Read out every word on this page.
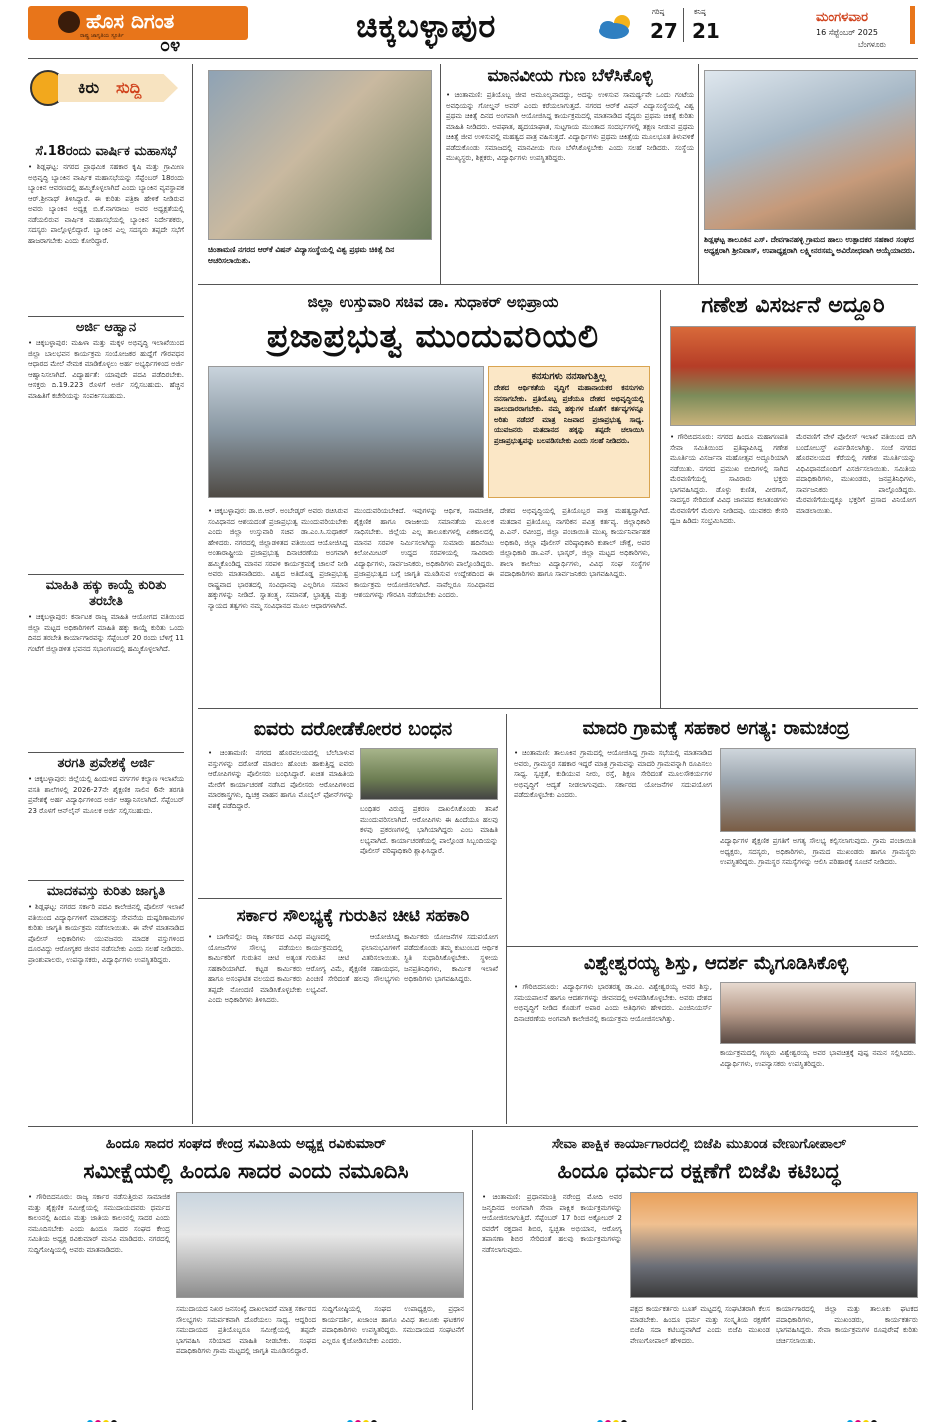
ಹೊಸ ದಿಗಂತ
ರಾಷ್ಟ್ರ ಜಾಗೃತಿಯ ಸ್ಫೂರ್ತಿ ೦೪
ಚಿಕ್ಕಬಳ್ಳಾಪುರ	ಗರಿಷ್ಠ
27
ಕನಿಷ್ಠ
21
ಮಂಗಳವಾರ
16 ಸೆಪ್ಟೆಂಬರ್ 2025
ಬೆಂಗಳೂರು
ಕಿರು ಸುದ್ದಿ
ಸೆ.18ರಂದು ವಾರ್ಷಿಕ ಮಹಾಸಭೆ
• ಶಿಡ್ಲಘಟ್ಟ: ನಗರದ ಪ್ರಾಥಮಿಕ ಸಹಕಾರ ಕೃಷಿ ಮತ್ತು ಗ್ರಾಮೀಣ ಅಭಿವೃದ್ಧಿ ಬ್ಯಾಂಕಿನ ವಾರ್ಷಿಕ ಮಹಾಸಭೆಯನ್ನು ಸೆಪ್ಟೆಂಬರ್ 18ರಂದು ಬ್ಯಾಂಕಿನ ಆವರಣದಲ್ಲಿ ಹಮ್ಮಿಕೊಳ್ಳಲಾಗಿದೆ ಎಂದು ಬ್ಯಾಂಕಿನ ವ್ಯವಸ್ಥಾಪಕ ಆರ್.ಶ್ರೀನಾಥ್ ತಿಳಿಸಿದ್ದಾರೆ. ಈ ಕುರಿತು ಪತ್ರಿಕಾ ಹೇಳಿಕೆ ನೀಡಿರುವ ಅವರು ಬ್ಯಾಂಕಿನ ಅಧ್ಯಕ್ಷ ಬಿ.ಕೆ.ನಾಗರಾಜು ಅವರ ಅಧ್ಯಕ್ಷತೆಯಲ್ಲಿ ನಡೆಯಲಿರುವ ವಾರ್ಷಿಕ ಮಹಾಸಭೆಯಲ್ಲಿ ಬ್ಯಾಂಕಿನ ನಿರ್ದೇಶಕರು, ಸದಸ್ಯರು ಪಾಲ್ಗೊಳ್ಳಲಿದ್ದಾರೆ. ಬ್ಯಾಂಕಿನ ಎಲ್ಲ ಸದಸ್ಯರು ತಪ್ಪದೇ ಸಭೆಗೆ ಹಾಜರಾಗಬೇಕು ಎಂದು ಕೋರಿದ್ದಾರೆ.
ಅರ್ಜಿ ಆಹ್ವಾನ
• ಚಿಕ್ಕಬಳ್ಳಾಪುರ: ಮಹಿಳಾ ಮತ್ತು ಮಕ್ಕಳ ಅಭಿವೃದ್ಧಿ ಇಲಾಖೆಯಿಂದ ಜಿಲ್ಲಾ ಬಾಲಭವನ ಕಾರ್ಯಕ್ರಮ ಸಂಯೋಜಕರ ಹುದ್ದೆಗೆ ಗೌರವಧನ ಆಧಾರದ ಮೇಲೆ ನೇಮಕ ಮಾಡಿಕೊಳ್ಳಲು ಅರ್ಹ ಅಭ್ಯರ್ಥಿಗಳಿಂದ ಅರ್ಜಿ ಆಹ್ವಾನಿಸಲಾಗಿದೆ. ವಿದ್ಯಾರ್ಹತೆ: ಯಾವುದೇ ಪದವಿ ಪಡೆದಿರಬೇಕು. ಆಸಕ್ತರು ದಿ.19.223 ರೊಳಗೆ ಅರ್ಜಿ ಸಲ್ಲಿಸಬಹುದು. ಹೆಚ್ಚಿನ ಮಾಹಿತಿಗೆ ಕಚೇರಿಯನ್ನು ಸಂಪರ್ಕಿಸಬಹುದು.
ಮಾಹಿತಿ ಹಕ್ಕು ಕಾಯ್ದೆ ಕುರಿತು ತರಬೇತಿ
• ಚಿಕ್ಕಬಳ್ಳಾಪುರ: ಕರ್ನಾಟಕ ರಾಜ್ಯ ಮಾಹಿತಿ ಆಯೋಗದ ವತಿಯಿಂದ ಜಿಲ್ಲಾ ಮಟ್ಟದ ಅಧಿಕಾರಿಗಳಿಗೆ ಮಾಹಿತಿ ಹಕ್ಕು ಕಾಯ್ದೆ ಕುರಿತು ಒಂದು ದಿನದ ತರಬೇತಿ ಕಾರ್ಯಾಗಾರವನ್ನು ಸೆಪ್ಟೆಂಬರ್ 20 ರಂದು ಬೆಳಿಗ್ಗೆ 11 ಗಂಟೆಗೆ ಜಿಲ್ಲಾಡಳಿತ ಭವನದ ಸಭಾಂಗಣದಲ್ಲಿ ಹಮ್ಮಿಕೊಳ್ಳಲಾಗಿದೆ.
ತರಗತಿ ಪ್ರವೇಶಕ್ಕೆ ಅರ್ಜಿ
• ಚಿಕ್ಕಬಳ್ಳಾಪುರ: ಜಿಲ್ಲೆಯಲ್ಲಿ ಹಿಂದುಳಿದ ವರ್ಗಗಳ ಕಲ್ಯಾಣ ಇಲಾಖೆಯ ವಸತಿ ಶಾಲೆಗಳಲ್ಲಿ 2026-27ನೇ ಶೈಕ್ಷಣಿಕ ಸಾಲಿನ 6ನೇ ತರಗತಿ ಪ್ರವೇಶಕ್ಕೆ ಅರ್ಹ ವಿದ್ಯಾರ್ಥಿಗಳಿಂದ ಅರ್ಜಿ ಆಹ್ವಾನಿಸಲಾಗಿದೆ. ಸೆಪ್ಟೆಂಬರ್ 23 ರೊಳಗೆ ಆನ್‌ಲೈನ್ ಮೂಲಕ ಅರ್ಜಿ ಸಲ್ಲಿಸಬಹುದು.
ಮಾದಕವಸ್ತು ಕುರಿತು ಜಾಗೃತಿ
• ಶಿಡ್ಲಘಟ್ಟ: ನಗರದ ಸರ್ಕಾರಿ ಪದವಿ ಕಾಲೇಜಿನಲ್ಲಿ ಪೊಲೀಸ್ ಇಲಾಖೆ ವತಿಯಿಂದ ವಿದ್ಯಾರ್ಥಿಗಳಿಗೆ ಮಾದಕವಸ್ತು ಸೇವನೆಯ ದುಷ್ಪರಿಣಾಮಗಳ ಕುರಿತು ಜಾಗೃತಿ ಕಾರ್ಯಕ್ರಮ ನಡೆಸಲಾಯಿತು. ಈ ವೇಳೆ ಮಾತನಾಡಿದ ಪೊಲೀಸ್ ಅಧಿಕಾರಿಗಳು ಯುವಜನರು ಮಾದಕ ವಸ್ತುಗಳಿಂದ ದೂರವಿದ್ದು ಆರೋಗ್ಯಕರ ಜೀವನ ನಡೆಸಬೇಕು ಎಂದು ಸಲಹೆ ನೀಡಿದರು. ಪ್ರಾಂಶುಪಾಲರು, ಉಪನ್ಯಾಸಕರು, ವಿದ್ಯಾರ್ಥಿಗಳು ಉಪಸ್ಥಿತರಿದ್ದರು.
ಚಿಂತಾಮಣಿ ನಗರದ ಆರ್‌ಕೆ ವಿಷನ್ ವಿದ್ಯಾಸಂಸ್ಥೆಯಲ್ಲಿ ವಿಶ್ವ ಪ್ರಥಮ ಚಿಕಿತ್ಸೆ ದಿನ ಆಚರಿಸಲಾಯಿತು.
ಮಾನವೀಯ ಗುಣ ಬೆಳೆಸಿಕೊಳ್ಳಿ
• ಚಿಂತಾಮಣಿ: ಪ್ರತಿಯೊಬ್ಬ ಜೀವ ಅಮೂಲ್ಯವಾದದ್ದು, ಅದನ್ನು ಉಳಿಸುವ ಸಾಮರ್ಥ್ಯವೇ ಒಂದು ಗಂಟೆಯ ಅವಧಿಯನ್ನು ಗೋಲ್ಡನ್ ಅವರ್ ಎಂದು ಕರೆಯಲಾಗುತ್ತದೆ. ನಗರದ ಆರ್‌ಕೆ ವಿಷನ್ ವಿದ್ಯಾಸಂಸ್ಥೆಯಲ್ಲಿ ವಿಶ್ವ ಪ್ರಥಮ ಚಿಕಿತ್ಸೆ ದಿನದ ಅಂಗವಾಗಿ ಆಯೋಜಿಸಿದ್ದ ಕಾರ್ಯಕ್ರಮದಲ್ಲಿ ಮಾತನಾಡಿದ ವೈದ್ಯರು ಪ್ರಥಮ ಚಿಕಿತ್ಸೆ ಕುರಿತು ಮಾಹಿತಿ ನೀಡಿದರು. ಅಪಘಾತ, ಹೃದಯಾಘಾತ, ಸುಟ್ಟಗಾಯ ಮುಂತಾದ ಸಂದರ್ಭಗಳಲ್ಲಿ ತಕ್ಷಣ ನೀಡುವ ಪ್ರಥಮ ಚಿಕಿತ್ಸೆ ಜೀವ ಉಳಿಸುವಲ್ಲಿ ಮಹತ್ವದ ಪಾತ್ರ ವಹಿಸುತ್ತದೆ. ವಿದ್ಯಾರ್ಥಿಗಳು ಪ್ರಥಮ ಚಿಕಿತ್ಸೆಯ ಮೂಲಭೂತ ತಿಳುವಳಿಕೆ ಪಡೆದುಕೊಂಡು ಸಮಾಜದಲ್ಲಿ ಮಾನವೀಯ ಗುಣ ಬೆಳೆಸಿಕೊಳ್ಳಬೇಕು ಎಂದು ಸಲಹೆ ನೀಡಿದರು. ಸಂಸ್ಥೆಯ ಮುಖ್ಯಸ್ಥರು, ಶಿಕ್ಷಕರು, ವಿದ್ಯಾರ್ಥಿಗಳು ಉಪಸ್ಥಿತರಿದ್ದರು.
ಶಿಡ್ಲಘಟ್ಟ ತಾಲೂಕಿನ ಎಸ್. ದೇವಗಾನಹಳ್ಳಿ ಗ್ರಾಮದ ಹಾಲು ಉತ್ಪಾದಕರ ಸಹಕಾರ ಸಂಘದ ಅಧ್ಯಕ್ಷರಾಗಿ ಶ್ರೀನಿವಾಸ್, ಉಪಾಧ್ಯಕ್ಷರಾಗಿ ಲಕ್ಷ್ಮೀನರಸಮ್ಮ ಅವಿರೋಧವಾಗಿ ಆಯ್ಕೆಯಾದರು.
ಜಿಲ್ಲಾ ಉಸ್ತುವಾರಿ ಸಚಿವ ಡಾ. ಸುಧಾಕರ್ ಅಭಿಪ್ರಾಯ
ಪ್ರಜಾಪ್ರಭುತ್ವ ಮುಂದುವರಿಯಲಿ
ಕನಸುಗಳು ನನಸಾಗುತ್ತಿಲ್ಲ
ದೇಶದ ಆರ್ಥಿಕತೆಯ ವೃದ್ಧಿಗೆ ಮಹಾನಾಯಕರ ಕನಸುಗಳು ನನಸಾಗಬೇಕು. ಪ್ರತಿಯೊಬ್ಬ ಪ್ರಜೆಯೂ ದೇಶದ ಅಭಿವೃದ್ಧಿಯಲ್ಲಿ ಪಾಲುದಾರರಾಗಬೇಕು. ನಮ್ಮ ಹಕ್ಕುಗಳ ಜೊತೆಗೆ ಕರ್ತವ್ಯಗಳನ್ನೂ ಅರಿತು ನಡೆದರೆ ಮಾತ್ರ ನಿಜವಾದ ಪ್ರಜಾಪ್ರಭುತ್ವ ಸಾಧ್ಯ. ಯುವಜನರು ಮತದಾನದ ಹಕ್ಕನ್ನು ತಪ್ಪದೇ ಚಲಾಯಿಸಿ ಪ್ರಜಾಪ್ರಭುತ್ವವನ್ನು ಬಲಪಡಿಸಬೇಕು ಎಂದು ಸಲಹೆ ನೀಡಿದರು.
• ಚಿಕ್ಕಬಳ್ಳಾಪುರ: ಡಾ.ಬಿ.ಆರ್. ಅಂಬೇಡ್ಕರ್ ಅವರು ರಚಿಸಿರುವ ಸಂವಿಧಾನದ ಆಶಯದಂತೆ ಪ್ರಜಾಪ್ರಭುತ್ವ ಮುಂದುವರಿಯಬೇಕು ಎಂದು ಜಿಲ್ಲಾ ಉಸ್ತುವಾರಿ ಸಚಿವ ಡಾ.ಎಂ.ಸಿ.ಸುಧಾಕರ್ ಹೇಳಿದರು. ನಗರದಲ್ಲಿ ಜಿಲ್ಲಾಡಳಿತದ ವತಿಯಿಂದ ಆಯೋಜಿಸಿದ್ದ ಅಂತಾರಾಷ್ಟ್ರೀಯ ಪ್ರಜಾಪ್ರಭುತ್ವ ದಿನಾಚರಣೆಯ ಅಂಗವಾಗಿ ಹಮ್ಮಿಕೊಂಡಿದ್ದ ಮಾನವ ಸರಪಳಿ ಕಾರ್ಯಕ್ರಮಕ್ಕೆ ಚಾಲನೆ ನೀಡಿ ಅವರು ಮಾತನಾಡಿದರು. ವಿಶ್ವದ ಅತಿದೊಡ್ಡ ಪ್ರಜಾಪ್ರಭುತ್ವ ರಾಷ್ಟ್ರವಾದ ಭಾರತದಲ್ಲಿ ಸಂವಿಧಾನವು ಎಲ್ಲರಿಗೂ ಸಮಾನ ಹಕ್ಕುಗಳನ್ನು ನೀಡಿದೆ. ಸ್ವಾತಂತ್ರ್ಯ, ಸಮಾನತೆ, ಭ್ರಾತೃತ್ವ ಮತ್ತು ನ್ಯಾಯದ ತತ್ವಗಳು ನಮ್ಮ ಸಂವಿಧಾನದ ಮೂಲ ಆಧಾರಗಳಾಗಿವೆ.
ಮುಂದುವರಿಯಬೇಕಿದೆ. ಇವುಗಳನ್ನು ಆರ್ಥಿಕ, ಸಾಮಾಜಿಕ, ಶೈಕ್ಷಣಿಕ ಹಾಗೂ ರಾಜಕೀಯ ಸಮಾನತೆಯ ಮೂಲಕ ಸಾಧಿಸಬೇಕು. ಜಿಲ್ಲೆಯ ಎಲ್ಲ ತಾಲೂಕುಗಳಲ್ಲಿ ಏಕಕಾಲದಲ್ಲಿ ಮಾನವ ಸರಪಳಿ ನಿರ್ಮಿಸಲಾಗಿದ್ದು ಸುಮಾರು ಹದಿನೆಂಟು ಕಿಲೋಮೀಟರ್ ಉದ್ದದ ಸರಪಳಿಯಲ್ಲಿ ಸಾವಿರಾರು ವಿದ್ಯಾರ್ಥಿಗಳು, ಸಾರ್ವಜನಿಕರು, ಅಧಿಕಾರಿಗಳು ಪಾಲ್ಗೊಂಡಿದ್ದರು. ಪ್ರಜಾಪ್ರಭುತ್ವದ ಬಗ್ಗೆ ಜಾಗೃತಿ ಮೂಡಿಸುವ ಉದ್ದೇಶದಿಂದ ಈ ಕಾರ್ಯಕ್ರಮ ಆಯೋಜಿಸಲಾಗಿದೆ. ನಾವೆಲ್ಲರೂ ಸಂವಿಧಾನದ ಆಶಯಗಳನ್ನು ಗೌರವಿಸಿ ನಡೆಯಬೇಕು ಎಂದರು.
ದೇಶದ ಅಭಿವೃದ್ಧಿಯಲ್ಲಿ ಪ್ರತಿಯೊಬ್ಬರ ಪಾತ್ರ ಮಹತ್ವದ್ದಾಗಿದೆ. ಮತದಾನ ಪ್ರತಿಯೊಬ್ಬ ನಾಗರಿಕನ ಪವಿತ್ರ ಕರ್ತವ್ಯ. ಜಿಲ್ಲಾಧಿಕಾರಿ ಪಿ.ಎನ್. ರವೀಂದ್ರ, ಜಿಲ್ಲಾ ಪಂಚಾಯಿತಿ ಮುಖ್ಯ ಕಾರ್ಯನಿರ್ವಾಹಕ ಅಧಿಕಾರಿ, ಜಿಲ್ಲಾ ಪೊಲೀಸ್ ವರಿಷ್ಠಾಧಿಕಾರಿ ಕುಶಾಲ್ ಚೌಕ್ಸೆ, ಅಪರ ಜಿಲ್ಲಾಧಿಕಾರಿ ಡಾ.ಎನ್. ಭಾಸ್ಕರ್, ಜಿಲ್ಲಾ ಮಟ್ಟದ ಅಧಿಕಾರಿಗಳು, ಶಾಲಾ ಕಾಲೇಜು ವಿದ್ಯಾರ್ಥಿಗಳು, ವಿವಿಧ ಸಂಘ ಸಂಸ್ಥೆಗಳ ಪದಾಧಿಕಾರಿಗಳು ಹಾಗೂ ಸಾರ್ವಜನಿಕರು ಭಾಗವಹಿಸಿದ್ದರು.
ಗಣೇಶ ವಿಸರ್ಜನೆ ಅದ್ದೂರಿ
• ಗೌರಿಬಿದನೂರು: ನಗರದ ಹಿಂದೂ ಮಹಾಗಣಪತಿ ಸೇವಾ ಸಮಿತಿಯಿಂದ ಪ್ರತಿಷ್ಠಾಪಿಸಿದ್ದ ಗಣೇಶ ಮೂರ್ತಿಯ ವಿಸರ್ಜನಾ ಮಹೋತ್ಸವ ಅದ್ದೂರಿಯಾಗಿ ನಡೆಯಿತು. ನಗರದ ಪ್ರಮುಖ ಬೀದಿಗಳಲ್ಲಿ ಸಾಗಿದ ಮೆರವಣಿಗೆಯಲ್ಲಿ ಸಾವಿರಾರು ಭಕ್ತರು ಭಾಗವಹಿಸಿದ್ದರು. ಡೊಳ್ಳು ಕುಣಿತ, ವೀರಗಾಸೆ, ನಾದಸ್ವರ ಸೇರಿದಂತೆ ವಿವಿಧ ಜಾನಪದ ಕಲಾತಂಡಗಳು ಮೆರವಣಿಗೆಗೆ ಮೆರುಗು ನೀಡಿದವು. ಯುವಕರು ಕೇಸರಿ ಧ್ವಜ ಹಿಡಿದು ಸಂಭ್ರಮಿಸಿದರು.
ಮೆರವಣಿಗೆ ವೇಳೆ ಪೊಲೀಸ್ ಇಲಾಖೆ ವತಿಯಿಂದ ಬಿಗಿ ಬಂದೋಬಸ್ತ್ ಏರ್ಪಡಿಸಲಾಗಿತ್ತು. ಸಂಜೆ ನಗರದ ಹೊರವಲಯದ ಕೆರೆಯಲ್ಲಿ ಗಣೇಶ ಮೂರ್ತಿಯನ್ನು ವಿಧಿವಿಧಾನದೊಂದಿಗೆ ವಿಸರ್ಜಿಸಲಾಯಿತು. ಸಮಿತಿಯ ಪದಾಧಿಕಾರಿಗಳು, ಮುಖಂಡರು, ಜನಪ್ರತಿನಿಧಿಗಳು, ಸಾರ್ವಜನಿಕರು ಪಾಲ್ಗೊಂಡಿದ್ದರು. ಮೆರವಣಿಗೆಯುದ್ದಕ್ಕೂ ಭಕ್ತರಿಗೆ ಪ್ರಸಾದ ವಿನಿಯೋಗ ಮಾಡಲಾಯಿತು.
ಐವರು ದರೋಡೆಕೋರರ ಬಂಧನ
• ಚಿಂತಾಮಣಿ: ನಗರದ ಹೊರವಲಯದಲ್ಲಿ ಬೆಲೆಬಾಳುವ ವಸ್ತುಗಳನ್ನು ದರೋಡೆ ಮಾಡಲು ಹೊಂಚು ಹಾಕುತ್ತಿದ್ದ ಐವರು ಆರೋಪಿಗಳನ್ನು ಪೊಲೀಸರು ಬಂಧಿಸಿದ್ದಾರೆ. ಖಚಿತ ಮಾಹಿತಿಯ ಮೇರೆಗೆ ಕಾರ್ಯಾಚರಣೆ ನಡೆಸಿದ ಪೊಲೀಸರು ಆರೋಪಿಗಳಿಂದ ಮಾರಕಾಸ್ತ್ರಗಳು, ದ್ವಿಚಕ್ರ ವಾಹನ ಹಾಗೂ ಮೊಬೈಲ್ ಫೋನ್‌ಗಳನ್ನು ವಶಕ್ಕೆ ಪಡೆದಿದ್ದಾರೆ.	ಬಂಧಿತರ ವಿರುದ್ಧ ಪ್ರಕರಣ ದಾಖಲಿಸಿಕೊಂಡು ತನಿಖೆ ಮುಂದುವರಿಸಲಾಗಿದೆ. ಆರೋಪಿಗಳು ಈ ಹಿಂದೆಯೂ ಹಲವು ಕಳವು ಪ್ರಕರಣಗಳಲ್ಲಿ ಭಾಗಿಯಾಗಿದ್ದರು ಎಂಬ ಮಾಹಿತಿ ಲಭ್ಯವಾಗಿದೆ. ಕಾರ್ಯಾಚರಣೆಯಲ್ಲಿ ಪಾಲ್ಗೊಂಡ ಸಿಬ್ಬಂದಿಯನ್ನು ಪೊಲೀಸ್ ವರಿಷ್ಠಾಧಿಕಾರಿ ಶ್ಲಾಘಿಸಿದ್ದಾರೆ.
ಮಾದರಿ ಗ್ರಾಮಕ್ಕೆ ಸಹಕಾರ ಅಗತ್ಯ: ರಾಮಚಂದ್ರ
• ಚಿಂತಾಮಣಿ: ತಾಲೂಕಿನ ಗ್ರಾಮದಲ್ಲಿ ಆಯೋಜಿಸಿದ್ದ ಗ್ರಾಮ ಸಭೆಯಲ್ಲಿ ಮಾತನಾಡಿದ ಅವರು, ಗ್ರಾಮಸ್ಥರ ಸಹಕಾರ ಇದ್ದರೆ ಮಾತ್ರ ಗ್ರಾಮವನ್ನು ಮಾದರಿ ಗ್ರಾಮವನ್ನಾಗಿ ರೂಪಿಸಲು ಸಾಧ್ಯ. ಸ್ವಚ್ಛತೆ, ಕುಡಿಯುವ ನೀರು, ರಸ್ತೆ, ಶಿಕ್ಷಣ ಸೇರಿದಂತೆ ಮೂಲಸೌಕರ್ಯಗಳ ಅಭಿವೃದ್ಧಿಗೆ ಆದ್ಯತೆ ನೀಡಲಾಗುವುದು. ಸರ್ಕಾರದ ಯೋಜನೆಗಳ ಸದುಪಯೋಗ ಪಡೆದುಕೊಳ್ಳಬೇಕು ಎಂದರು.
ವಿದ್ಯಾರ್ಥಿಗಳ ಶೈಕ್ಷಣಿಕ ಪ್ರಗತಿಗೆ ಅಗತ್ಯ ಸೌಲಭ್ಯ ಕಲ್ಪಿಸಲಾಗುವುದು. ಗ್ರಾಮ ಪಂಚಾಯಿತಿ ಅಧ್ಯಕ್ಷರು, ಸದಸ್ಯರು, ಅಧಿಕಾರಿಗಳು, ಗ್ರಾಮದ ಮುಖಂಡರು ಹಾಗೂ ಗ್ರಾಮಸ್ಥರು ಉಪಸ್ಥಿತರಿದ್ದರು. ಗ್ರಾಮಸ್ಥರ ಸಮಸ್ಯೆಗಳನ್ನು ಆಲಿಸಿ ಪರಿಹಾರಕ್ಕೆ ಸೂಚನೆ ನೀಡಿದರು.
ಸರ್ಕಾರ ಸೌಲಭ್ಯಕ್ಕೆ ಗುರುತಿನ ಚೀಟಿ ಸಹಕಾರಿ
• ಬಾಗೇಪಲ್ಲಿ: ರಾಜ್ಯ ಸರ್ಕಾರದ ವಿವಿಧ ಯೋಜನೆಗಳ ಸೌಲಭ್ಯ ಪಡೆಯಲು ಕಾರ್ಮಿಕರಿಗೆ ಗುರುತಿನ ಚೀಟಿ ಅತ್ಯಂತ ಸಹಕಾರಿಯಾಗಿದೆ. ಕಟ್ಟಡ ಕಾರ್ಮಿಕರು ಹಾಗೂ ಅಸಂಘಟಿತ ವಲಯದ ಕಾರ್ಮಿಕರು ತಪ್ಪದೇ ನೋಂದಣಿ ಮಾಡಿಸಿಕೊಳ್ಳಬೇಕು ಎಂದು ಅಧಿಕಾರಿಗಳು ತಿಳಿಸಿದರು.
ಪಟ್ಟಣದಲ್ಲಿ ಆಯೋಜಿಸಿದ್ದ ಕಾರ್ಯಕ್ರಮದಲ್ಲಿ ಫಲಾನುಭವಿಗಳಿಗೆ ಗುರುತಿನ ಚೀಟಿ ವಿತರಿಸಲಾಯಿತು. ಆರೋಗ್ಯ ವಿಮೆ, ಶೈಕ್ಷಣಿಕ ಸಹಾಯಧನ, ಪಿಂಚಣಿ ಸೇರಿದಂತೆ ಹಲವು ಸೌಲಭ್ಯಗಳು ಲಭ್ಯವಿವೆ.
ಕಾರ್ಮಿಕರು ಯೋಜನೆಗಳ ಸದುಪಯೋಗ ಪಡೆದುಕೊಂಡು ತಮ್ಮ ಕುಟುಂಬದ ಆರ್ಥಿಕ ಸ್ಥಿತಿ ಸುಧಾರಿಸಿಕೊಳ್ಳಬೇಕು. ಸ್ಥಳೀಯ ಜನಪ್ರತಿನಿಧಿಗಳು, ಕಾರ್ಮಿಕ ಇಲಾಖೆ ಅಧಿಕಾರಿಗಳು ಭಾಗವಹಿಸಿದ್ದರು.
ವಿಶ್ವೇಶ್ವರಯ್ಯ ಶಿಸ್ತು, ಆದರ್ಶ ಮೈಗೂಡಿಸಿಕೊಳ್ಳಿ
• ಗೌರಿಬಿದನೂರು: ವಿದ್ಯಾರ್ಥಿಗಳು ಭಾರತರತ್ನ ಡಾ.ಎಂ. ವಿಶ್ವೇಶ್ವರಯ್ಯ ಅವರ ಶಿಸ್ತು, ಸಮಯಪಾಲನೆ ಹಾಗೂ ಆದರ್ಶಗಳನ್ನು ಜೀವನದಲ್ಲಿ ಅಳವಡಿಸಿಕೊಳ್ಳಬೇಕು. ಅವರು ದೇಶದ ಅಭಿವೃದ್ಧಿಗೆ ನೀಡಿದ ಕೊಡುಗೆ ಅಪಾರ ಎಂದು ಅತಿಥಿಗಳು ಹೇಳಿದರು. ಎಂಜಿನಿಯರ್ಸ್ ದಿನಾಚರಣೆಯ ಅಂಗವಾಗಿ ಕಾಲೇಜಿನಲ್ಲಿ ಕಾರ್ಯಕ್ರಮ ಆಯೋಜಿಸಲಾಗಿತ್ತು.
ಕಾರ್ಯಕ್ರಮದಲ್ಲಿ ಗಣ್ಯರು ವಿಶ್ವೇಶ್ವರಯ್ಯ ಅವರ ಭಾವಚಿತ್ರಕ್ಕೆ ಪುಷ್ಪ ನಮನ ಸಲ್ಲಿಸಿದರು. ವಿದ್ಯಾರ್ಥಿಗಳು, ಉಪನ್ಯಾಸಕರು ಉಪಸ್ಥಿತರಿದ್ದರು.
ಹಿಂದೂ ಸಾದರ ಸಂಘದ ಕೇಂದ್ರ ಸಮಿತಿಯ ಅಧ್ಯಕ್ಷ ರವಿಕುಮಾರ್
ಸಮೀಕ್ಷೆಯಲ್ಲಿ ಹಿಂದೂ ಸಾದರ ಎಂದು ನಮೂದಿಸಿ
• ಗೌರಿಬಿದನೂರು: ರಾಜ್ಯ ಸರ್ಕಾರ ನಡೆಸುತ್ತಿರುವ ಸಾಮಾಜಿಕ ಮತ್ತು ಶೈಕ್ಷಣಿಕ ಸಮೀಕ್ಷೆಯಲ್ಲಿ ಸಮುದಾಯದವರು ಧರ್ಮದ ಕಾಲಂನಲ್ಲಿ ಹಿಂದೂ ಮತ್ತು ಜಾತಿಯ ಕಾಲಂನಲ್ಲಿ ಸಾದರ ಎಂದು ನಮೂದಿಸಬೇಕು ಎಂದು ಹಿಂದೂ ಸಾದರ ಸಂಘದ ಕೇಂದ್ರ ಸಮಿತಿಯ ಅಧ್ಯಕ್ಷ ರವಿಕುಮಾರ್ ಮನವಿ ಮಾಡಿದರು. ನಗರದಲ್ಲಿ ಸುದ್ದಿಗೋಷ್ಠಿಯಲ್ಲಿ ಅವರು ಮಾತನಾಡಿದರು.
ಸಮುದಾಯದ ನಿಖರ ಜನಸಂಖ್ಯೆ ದಾಖಲಾದರೆ ಮಾತ್ರ ಸರ್ಕಾರದ ಸೌಲಭ್ಯಗಳು ಸಮರ್ಪಕವಾಗಿ ದೊರೆಯಲು ಸಾಧ್ಯ. ಆದ್ದರಿಂದ ಸಮುದಾಯದ ಪ್ರತಿಯೊಬ್ಬರೂ ಸಮೀಕ್ಷೆಯಲ್ಲಿ ತಪ್ಪದೇ ಭಾಗವಹಿಸಿ ಸರಿಯಾದ ಮಾಹಿತಿ ನೀಡಬೇಕು. ಸಂಘದ ಪದಾಧಿಕಾರಿಗಳು ಗ್ರಾಮ ಮಟ್ಟದಲ್ಲಿ ಜಾಗೃತಿ ಮೂಡಿಸಲಿದ್ದಾರೆ.
ಸುದ್ದಿಗೋಷ್ಠಿಯಲ್ಲಿ ಸಂಘದ ಉಪಾಧ್ಯಕ್ಷರು, ಪ್ರಧಾನ ಕಾರ್ಯದರ್ಶಿ, ಖಜಾಂಚಿ ಹಾಗೂ ವಿವಿಧ ತಾಲೂಕು ಘಟಕಗಳ ಪದಾಧಿಕಾರಿಗಳು ಉಪಸ್ಥಿತರಿದ್ದರು. ಸಮುದಾಯದ ಸಂಘಟನೆಗೆ ಎಲ್ಲರೂ ಕೈಜೋಡಿಸಬೇಕು ಎಂದರು.
ಸೇವಾ ಪಾಕ್ಷಿಕ ಕಾರ್ಯಾಗಾರದಲ್ಲಿ ಬಿಜೆಪಿ ಮುಖಂಡ ವೇಣುಗೋಪಾಲ್
ಹಿಂದೂ ಧರ್ಮದ ರಕ್ಷಣೆಗೆ ಬಿಜೆಪಿ ಕಟಿಬದ್ಧ
• ಚಿಂತಾಮಣಿ: ಪ್ರಧಾನಮಂತ್ರಿ ನರೇಂದ್ರ ಮೋದಿ ಅವರ ಜನ್ಮದಿನದ ಅಂಗವಾಗಿ ಸೇವಾ ಪಾಕ್ಷಿಕ ಕಾರ್ಯಕ್ರಮಗಳನ್ನು ಆಯೋಜಿಸಲಾಗುತ್ತಿದೆ. ಸೆಪ್ಟೆಂಬರ್ 17 ರಿಂದ ಅಕ್ಟೋಬರ್ 2 ರವರೆಗೆ ರಕ್ತದಾನ ಶಿಬಿರ, ಸ್ವಚ್ಛತಾ ಅಭಿಯಾನ, ಆರೋಗ್ಯ ತಪಾಸಣಾ ಶಿಬಿರ ಸೇರಿದಂತೆ ಹಲವು ಕಾರ್ಯಕ್ರಮಗಳನ್ನು ನಡೆಸಲಾಗುವುದು.
ಪಕ್ಷದ ಕಾರ್ಯಕರ್ತರು ಬೂತ್ ಮಟ್ಟದಲ್ಲಿ ಸಂಘಟಿತರಾಗಿ ಕೆಲಸ ಮಾಡಬೇಕು. ಹಿಂದೂ ಧರ್ಮ ಮತ್ತು ಸಂಸ್ಕೃತಿಯ ರಕ್ಷಣೆಗೆ ಬಿಜೆಪಿ ಸದಾ ಕಟಿಬದ್ಧವಾಗಿದೆ ಎಂದು ಬಿಜೆಪಿ ಮುಖಂಡ ವೇಣುಗೋಪಾಲ್ ಹೇಳಿದರು.
ಕಾರ್ಯಾಗಾರದಲ್ಲಿ ಜಿಲ್ಲಾ ಮತ್ತು ತಾಲೂಕು ಘಟಕದ ಪದಾಧಿಕಾರಿಗಳು, ಮುಖಂಡರು, ಕಾರ್ಯಕರ್ತರು ಭಾಗವಹಿಸಿದ್ದರು. ಸೇವಾ ಕಾರ್ಯಕ್ರಮಗಳ ರೂಪುರೇಷೆ ಕುರಿತು ಚರ್ಚಿಸಲಾಯಿತು.
